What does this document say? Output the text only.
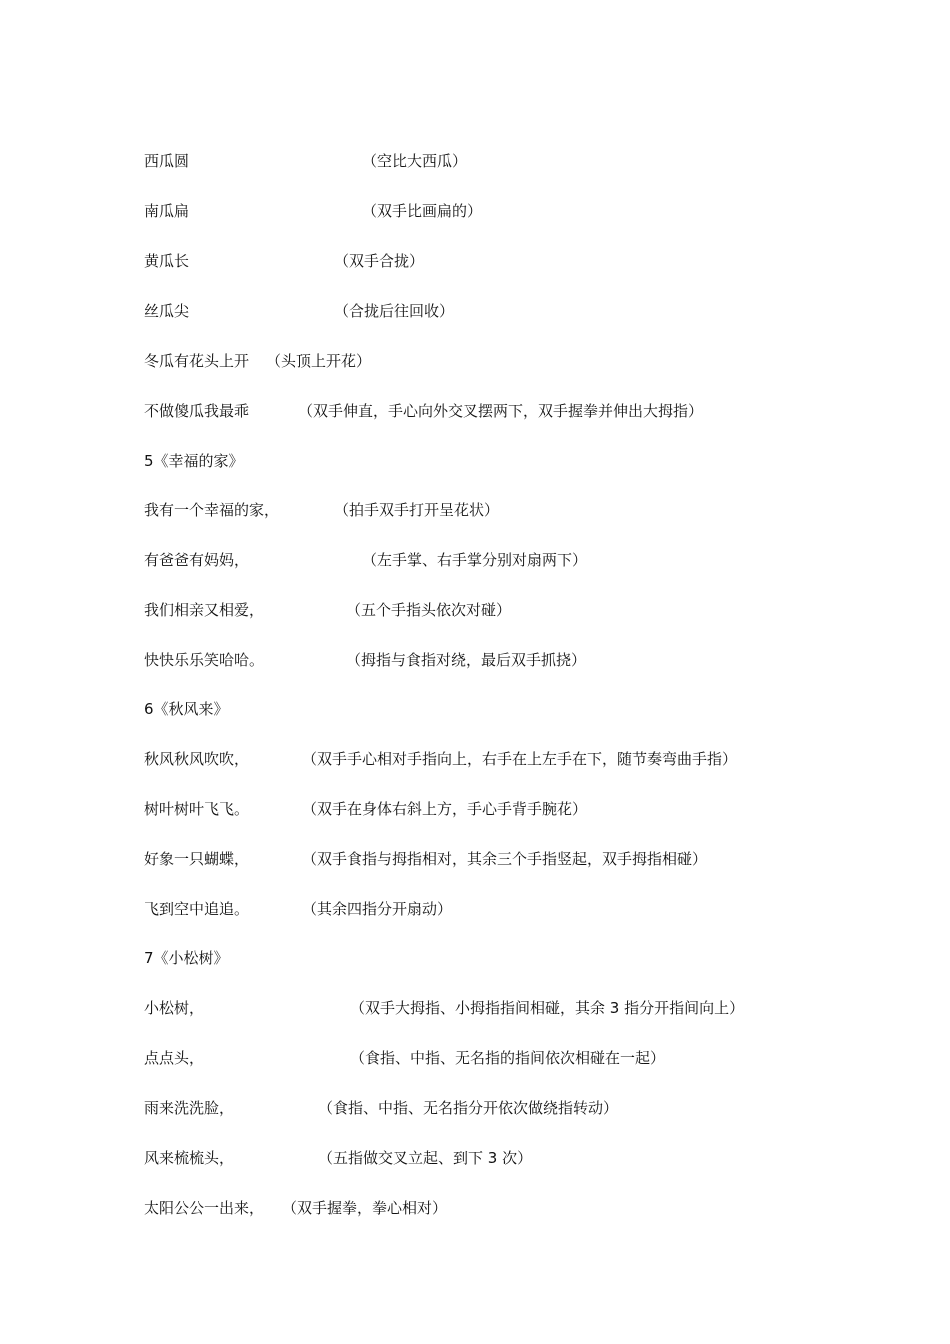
西瓜圆	（空比大西瓜）
南瓜扁	（双手比画扁的）
黄瓜长	（双手合拢）
丝瓜尖	（合拢后往回收）
冬瓜有花头上开 （头顶上开花）
不做傻瓜我最乖	（双手伸直，手心向外交叉摆两下，双手握拳并伸出大拇指）
5《幸福的家》
我有一个幸福的家，	（拍手双手打开呈花状）
有爸爸有妈妈，	（左手掌、右手掌分别对扇两下）
我们相亲又相爱，	（五个手指头依次对碰）
快快乐乐笑哈哈。	（拇指与食指对绕，最后双手抓挠）
6《秋风来》
秋风秋风吹吹，	（双手手心相对手指向上，右手在上左手在下，随节奏弯曲手指）
树叶树叶飞飞。	（双手在身体右斜上方，手心手背手腕花）
好象一只蝴蝶，	（双手食指与拇指相对，其余三个手指竖起，双手拇指相碰）
飞到空中追追。	（其余四指分开扇动）
7《小松树》
小松树，	（双手大拇指、小拇指指间相碰，其余 3 指分开指间向上）
点点头，	（食指、中指、无名指的指间依次相碰在一起）
雨来洗洗脸，	（食指、中指、无名指分开依次做绕指转动）
风来梳梳头，	（五指做交叉立起、到下 3 次）
太阳公公一出来， （双手握拳，拳心相对）
